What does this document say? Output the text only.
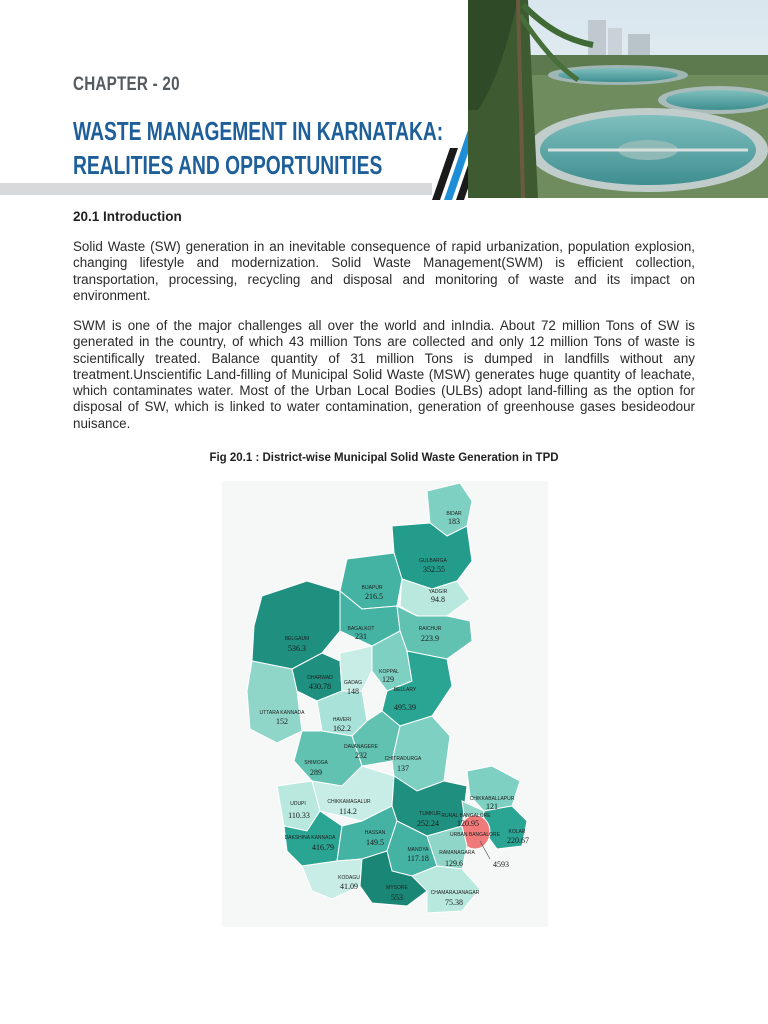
CHAPTER - 20
WASTE MANAGEMENT IN KARNATAKA:
REALITIES AND OPPORTUNITIES
20.1 Introduction

Solid Waste (SW) generation in an inevitable consequence of rapid urbanization, population explosion, changing lifestyle and modernization. Solid Waste Management(SWM) is efficient collection, transportation, processing, recycling and disposal and monitoring of waste and its impact on environment.

SWM is one of the major challenges all over the world and inIndia. About 72 million Tons of SW is generated in the country, of which 43 million Tons are collected and only 12 million Tons of waste is scientifically treated. Balance quantity of 31 million Tons is dumped in landfills without any treatment.Unscientific Land-filling of Municipal Solid Waste (MSW) generates huge quantity of leachate, which contaminates water. Most of the Urban Local Bodies (ULBs) adopt land-filling as the option for disposal of SW, which is linked to water contamination, generation of greenhouse gases besideodour nuisance.

Fig 20.1 : District-wise Municipal Solid Waste Generation in TPD
BIDAR
183
GULBARGA
352.55
BIJAPUR
216.5	YADGIR
94.8
BELGAUM
536.3
BAGALKOT
231
RAICHUR
223.9
KOPPAL
129
DHARWAD
430.78	GADAG
148	BELLARY
495.39
UTTARA KANNADA
152	HAVERI
162.2
DAVANAGERE
232	CHITRADURGA
137
SHIMOGA
289
CHIKKABALLAPUR
121
UDUPI
110.33
CHIKKAMAGALUR
114.2	TUMKUR
252.24
RURAL BANGALORE
120.95
KOLAR
220.67
DAKSHINA KANNADA
416.79
HASSAN
149.5
URBAN BANGALORE
4593
MANDYA
117.18
RAMANAGARA
129.6
KODAGU
41.09	MYSORE
553	CHAMARAJANAGAR
75.38
